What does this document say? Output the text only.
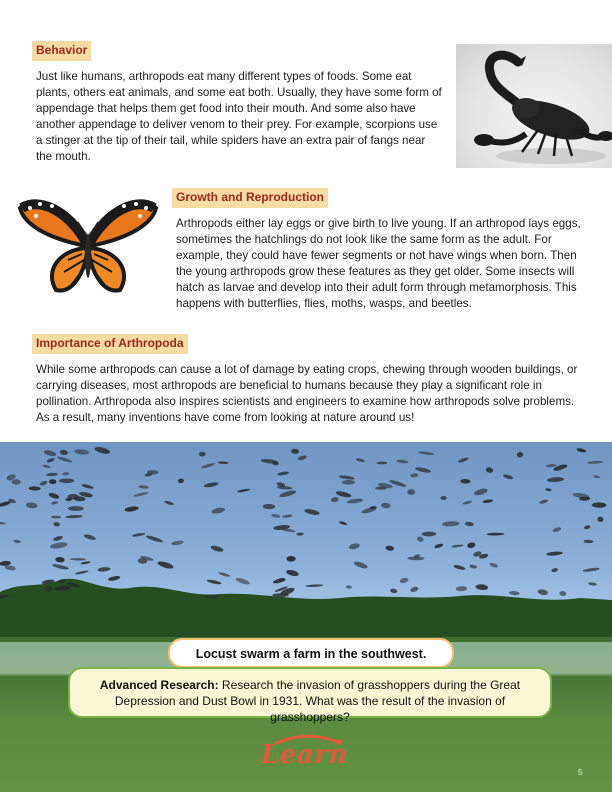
Behavior

Just like humans, arthropods eat many different types of foods. Some eat plants, others eat animals, and some eat both. Usually, they have some form of appendage that helps them get food into their mouth. And some also have another appendage to deliver venom to their prey. For example, scorpions use a stinger at the tip of their tail, while spiders have an extra pair of fangs near the mouth.

Growth and Reproduction

Arthropods either lay eggs or give birth to live young. If an arthropod lays eggs, sometimes the hatchlings do not look like the same form as the adult. For example, they could have fewer segments or not have wings when born. Then the young arthropods grow these features as they get older. Some insects will hatch as larvae and develop into their adult form through metamorphosis. This happens with butterflies, flies, moths, wasps, and beetles.

Importance of Arthropoda

While some arthropods can cause a lot of damage by eating crops, chewing through wooden buildings, or carrying diseases, most arthropods are beneficial to humans because they play a significant role in pollination. Arthropoda also inspires scientists and engineers to examine how arthropods solve problems. As a result, many inventions have come from looking at nature around us!

Locust swarm a farm in the southwest.
Advanced Research: Research the invasion of grasshoppers during the Great Depression and Dust Bowl in 1931. What was the result of the invasion of grasshoppers?
Learn
5
